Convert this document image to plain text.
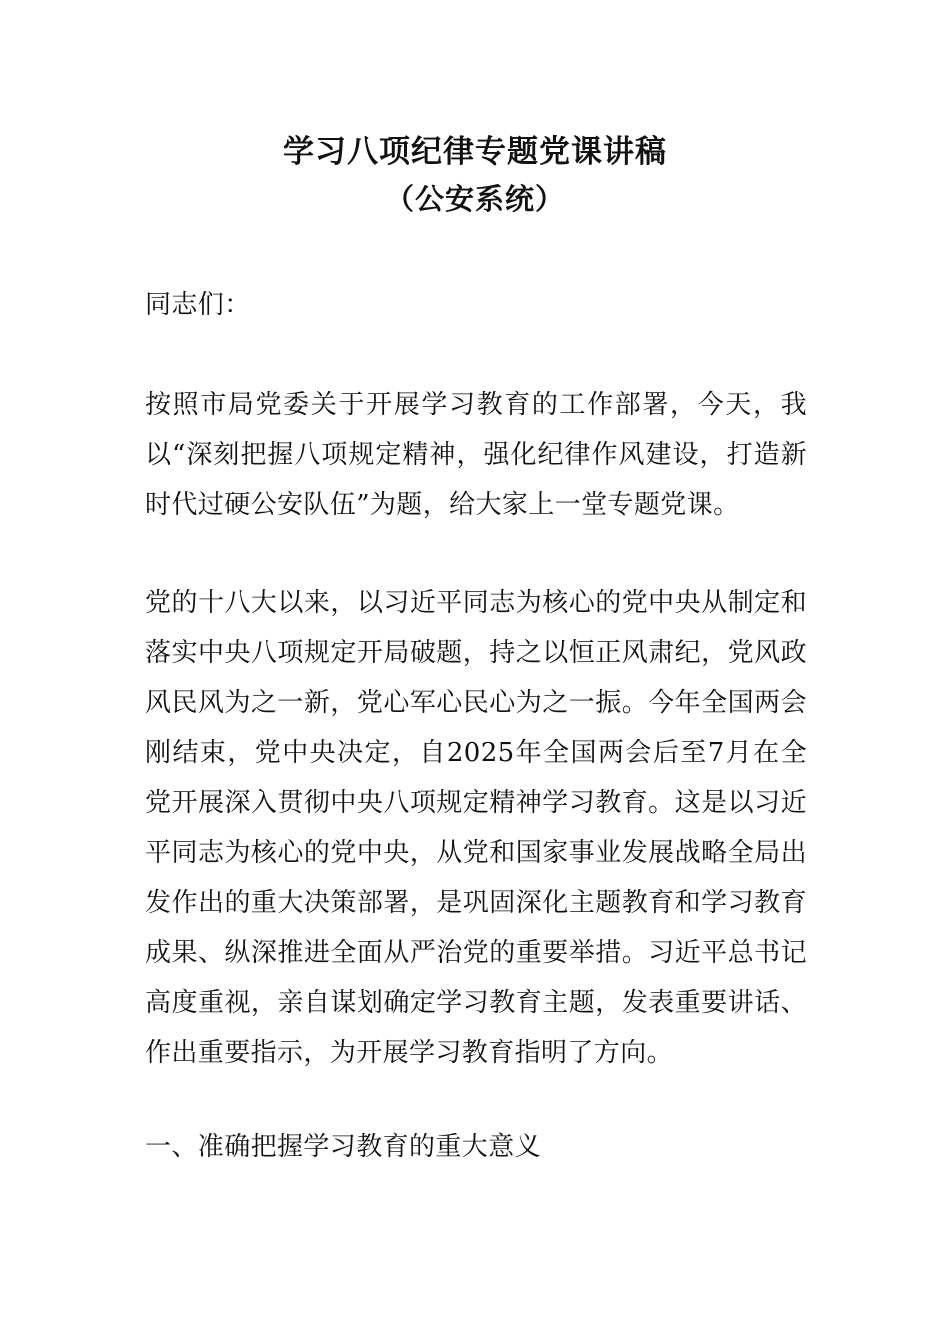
学习八项纪律专题党课讲稿
（公安系统）

同志们：

按照市局党委关于开展学习教育的工作部署，今天，我以“深刻把握八项规定精神，强化纪律作风建设，打造新时代过硬公安队伍”为题，给大家上一堂专题党课。

党的十八大以来，以习近平同志为核心的党中央从制定和落实中央八项规定开局破题，持之以恒正风肃纪，党风政风民风为之一新，党心军心民心为之一振。今年全国两会刚结束，党中央决定，自2025年全国两会后至7月在全党开展深入贯彻中央八项规定精神学习教育。这是以习近平同志为核心的党中央，从党和国家事业发展战略全局出发作出的重大决策部署，是巩固深化主题教育和学习教育成果、纵深推进全面从严治党的重要举措。习近平总书记高度重视，亲自谋划确定学习教育主题，发表重要讲话、作出重要指示，为开展学习教育指明了方向。

一、准确把握学习教育的重大意义
